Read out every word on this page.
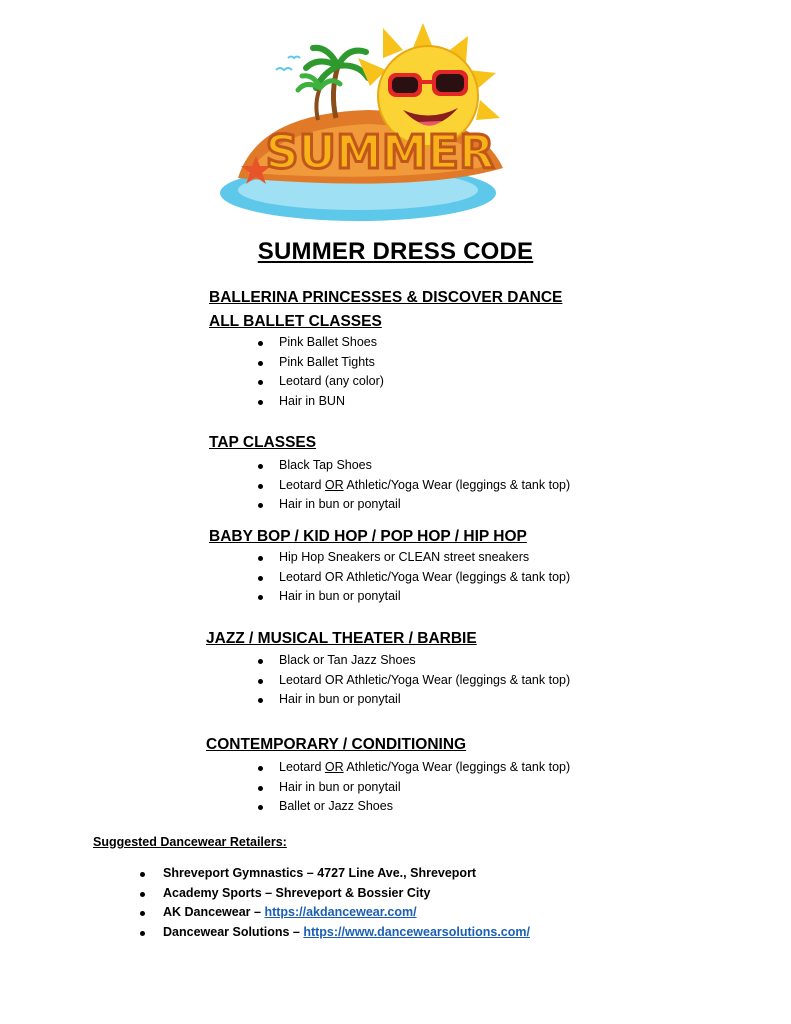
SUMMER
SUMMER DRESS CODE
BALLERINA PRINCESSES & DISCOVER DANCE
ALL BALLET CLASSES
Pink Ballet Shoes
Pink Ballet Tights
Leotard (any color)
Hair in BUN
TAP CLASSES
Black Tap Shoes
Leotard OR Athletic/Yoga Wear (leggings & tank top)
Hair in bun or ponytail
BABY BOP / KID HOP / POP HOP / HIP HOP
Hip Hop Sneakers or CLEAN street sneakers
Leotard OR Athletic/Yoga Wear (leggings & tank top)
Hair in bun or ponytail
JAZZ / MUSICAL THEATER / BARBIE
Black or Tan Jazz Shoes
Leotard OR Athletic/Yoga Wear (leggings & tank top)
Hair in bun or ponytail
CONTEMPORARY / CONDITIONING
Leotard OR Athletic/Yoga Wear (leggings & tank top)
Hair in bun or ponytail
Ballet or Jazz Shoes
Suggested Dancewear Retailers:
Shreveport Gymnastics – 4727 Line Ave., Shreveport
Academy Sports – Shreveport & Bossier City
AK Dancewear – https://akdancewear.com/
Dancewear Solutions – https://www.dancewearsolutions.com/
